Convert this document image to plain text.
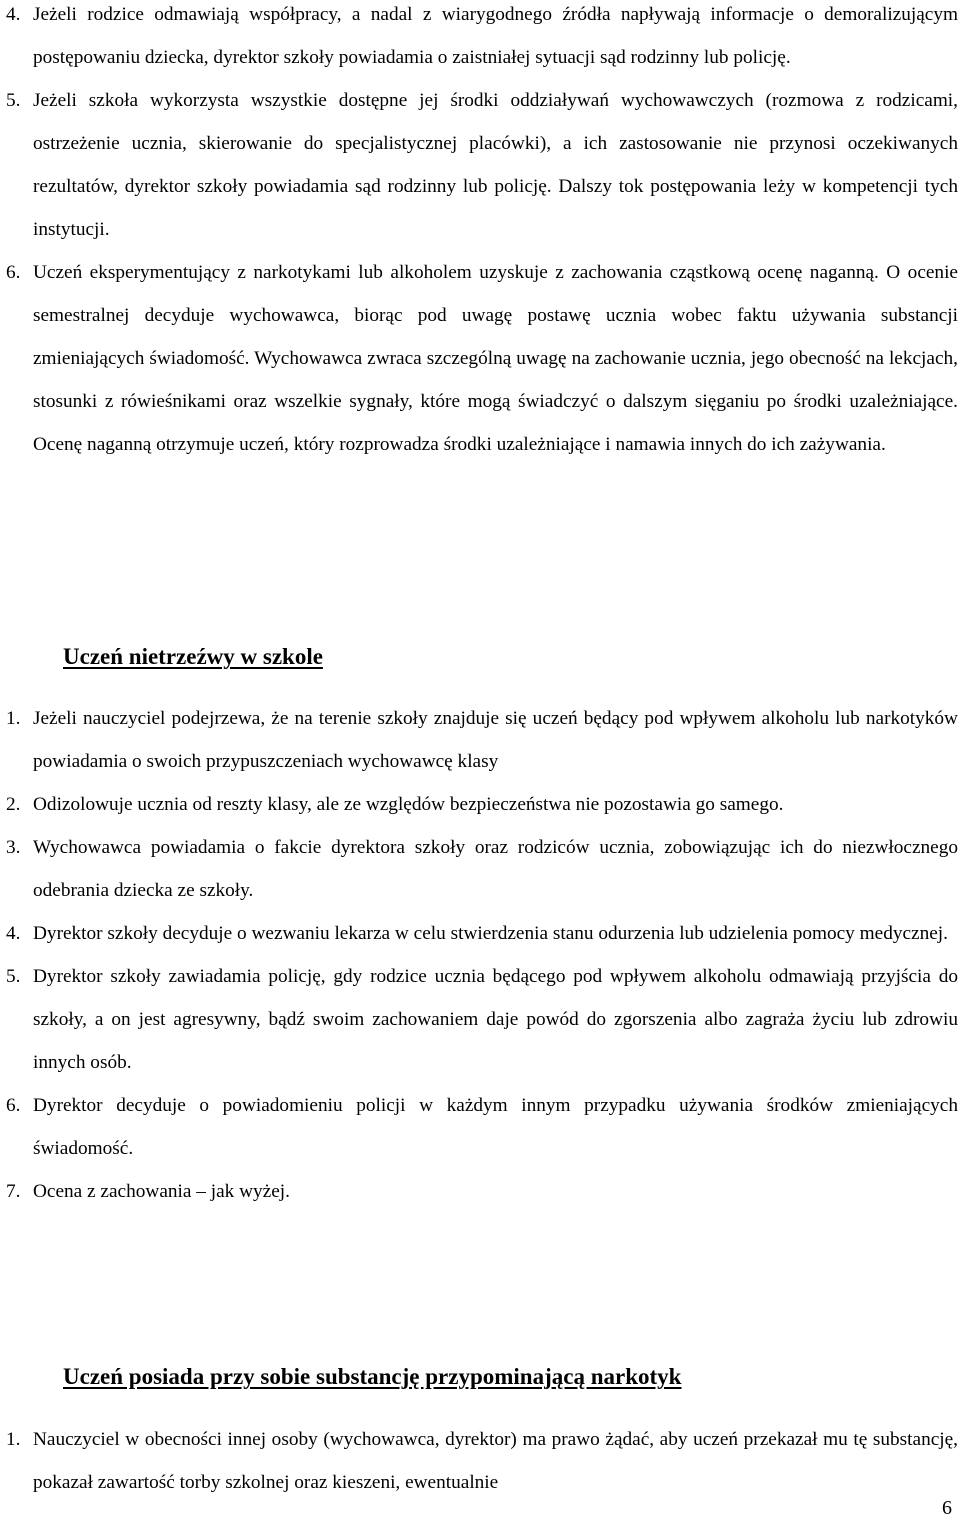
4. Jeżeli rodzice odmawiają współpracy, a nadal z wiarygodnego źródła napływają informacje o demoralizującym postępowaniu dziecka, dyrektor szkoły powiadamia o zaistniałej sytuacji sąd rodzinny lub policję.
5. Jeżeli szkoła wykorzysta wszystkie dostępne jej środki oddziaływań wychowawczych (rozmowa z rodzicami, ostrzeżenie ucznia, skierowanie do specjalistycznej placówki), a ich zastosowanie nie przynosi oczekiwanych rezultatów, dyrektor szkoły powiadamia sąd rodzinny lub policję. Dalszy tok postępowania leży w kompetencji tych instytucji.
6. Uczeń eksperymentujący z narkotykami lub alkoholem uzyskuje z zachowania cząstkową ocenę naganną. O ocenie semestralnej decyduje wychowawca, biorąc pod uwagę postawę ucznia wobec faktu używania substancji zmieniających świadomość. Wychowawca zwraca szczególną uwagę na zachowanie ucznia, jego obecność na lekcjach, stosunki z rówieśnikami oraz wszelkie sygnały, które mogą świadczyć o dalszym sięganiu po środki uzależniające. Ocenę naganną otrzymuje uczeń, który rozprowadza środki uzależniające i namawia innych do ich zażywania.
Uczeń nietrzeźwy w szkole
1. Jeżeli nauczyciel podejrzewa, że na terenie szkoły znajduje się uczeń będący pod wpływem alkoholu lub narkotyków powiadamia o swoich przypuszczeniach wychowawcę klasy
2. Odizolowuje ucznia od reszty klasy, ale ze względów bezpieczeństwa nie pozostawia go samego.
3. Wychowawca powiadamia o fakcie dyrektora szkoły oraz rodziców ucznia, zobowiązując ich do niezwłocznego odebrania dziecka ze szkoły.
4. Dyrektor szkoły decyduje o wezwaniu lekarza w celu stwierdzenia stanu odurzenia lub udzielenia pomocy medycznej.
5. Dyrektor szkoły zawiadamia policję, gdy rodzice ucznia będącego pod wpływem alkoholu odmawiają przyjścia do szkoły, a on jest agresywny, bądź swoim zachowaniem daje powód do zgorszenia albo zagraża życiu lub zdrowiu innych osób.
6. Dyrektor decyduje o powiadomieniu policji w każdym innym przypadku używania środków zmieniających świadomość.
7. Ocena z zachowania – jak wyżej.
Uczeń posiada przy sobie substancję przypominającą narkotyk
1. Nauczyciel w obecności innej osoby (wychowawca, dyrektor) ma prawo żądać, aby uczeń przekazał mu tę substancję, pokazał zawartość torby szkolnej oraz kieszeni, ewentualnie
6
